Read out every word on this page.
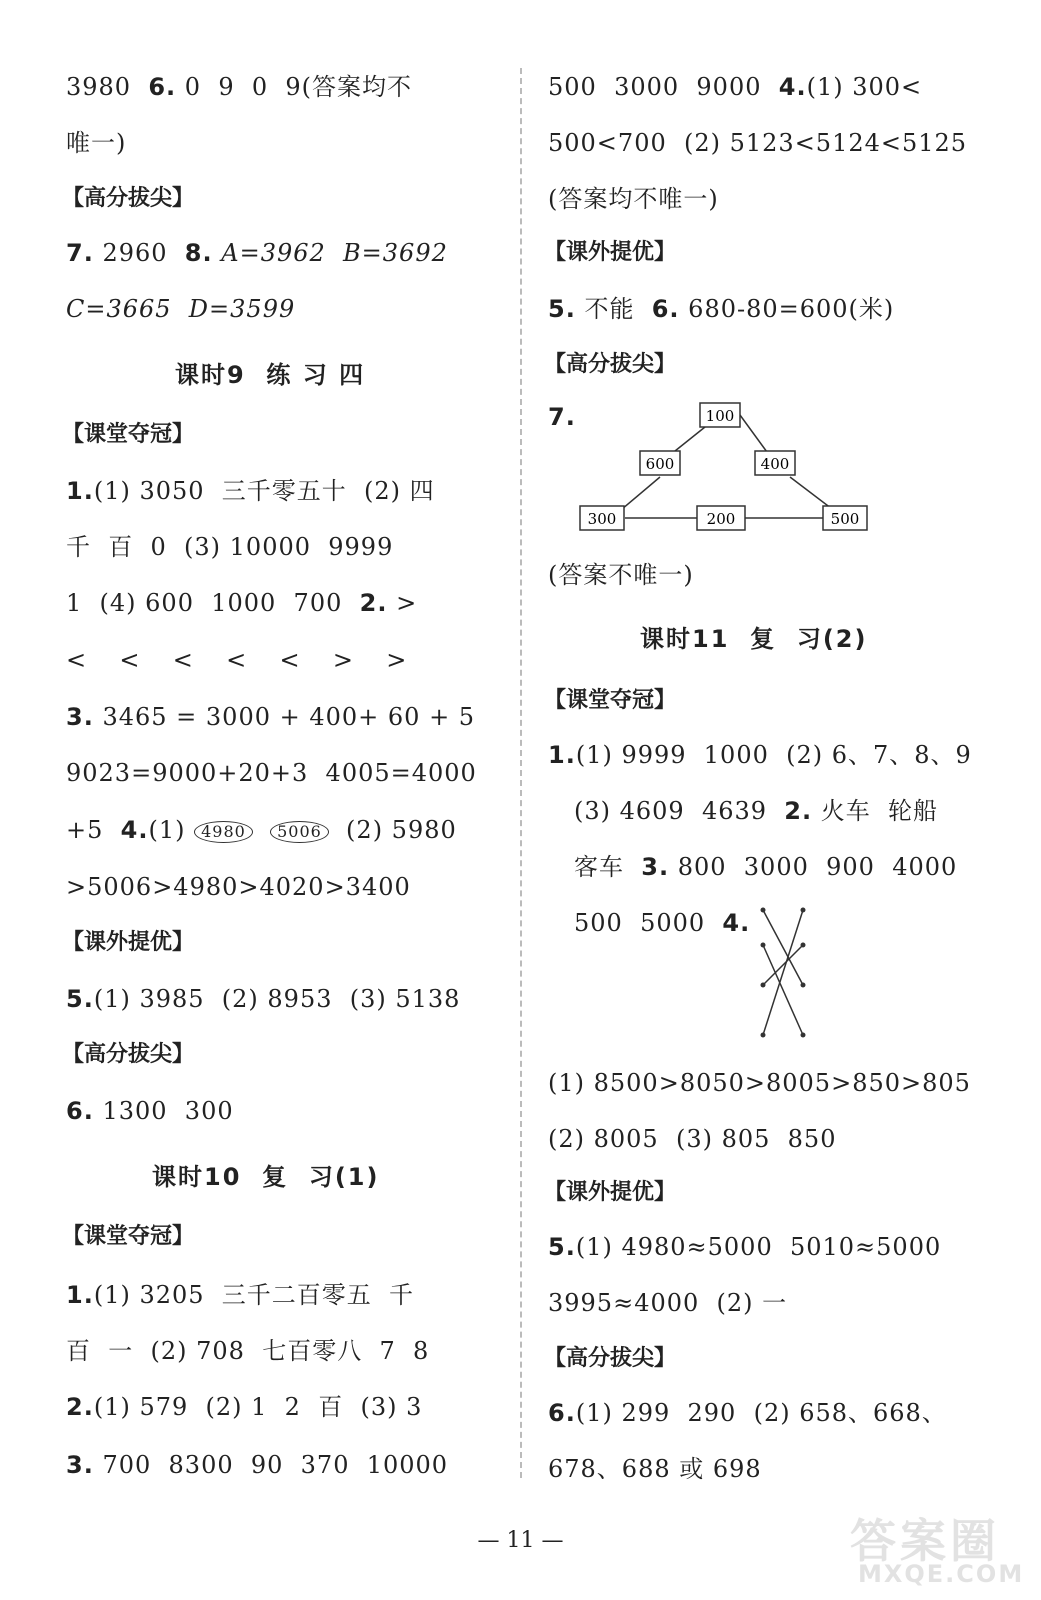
3980  6. 0  9  0  9(答案均不
唯一)
【高分拔尖】
7. 2960  8. A=3962  B=3692
C=3665  D=3599
课时9  练 习 四
【课堂夺冠】
1.(1) 3050  三千零五十  (2) 四
千  百  0  (3) 10000  9999
1  (4) 600  1000  700  2. >
<  <  <  <  <  >  >
3. 3465 = 3000 + 400+ 60 + 5
9023=9000+20+3  4005=4000
+5  4.(1) 4980 5006  (2) 5980
>5006>4980>4020>3400
【课外提优】
5.(1) 3985  (2) 8953  (3) 5138
【高分拔尖】
6. 1300  300
课时10  复  习(1)
【课堂夺冠】
1.(1) 3205  三千二百零五  千
百  一  (2) 708  七百零八  7  8
2.(1) 579  (2) 1  2  百  (3) 3
3. 700  8300  90  370  10000
500  3000  9000  4.(1) 300<
500<700  (2) 5123<5124<5125
(答案均不唯一)
【课外提优】
5. 不能  6. 680-80=600(米)
【高分拔尖】
7.	100
600	400
300	200	500
(答案不唯一)
课时11  复  习(2)
【课堂夺冠】
1.(1) 9999  1000  (2) 6、7、8、9
(3) 4609  4639  2. 火车  轮船
客车  3. 800  3000  900  4000
500  5000  4.
(1) 8500>8050>8005>850>805
(2) 8005  (3) 805  850
【课外提优】
5.(1) 4980≈5000  5010≈5000
3995≈4000  (2) 一
【高分拔尖】
6.(1) 299  290  (2) 658、668、
678、688 或 698
— 11 —	答案圈
MXQE.COM
